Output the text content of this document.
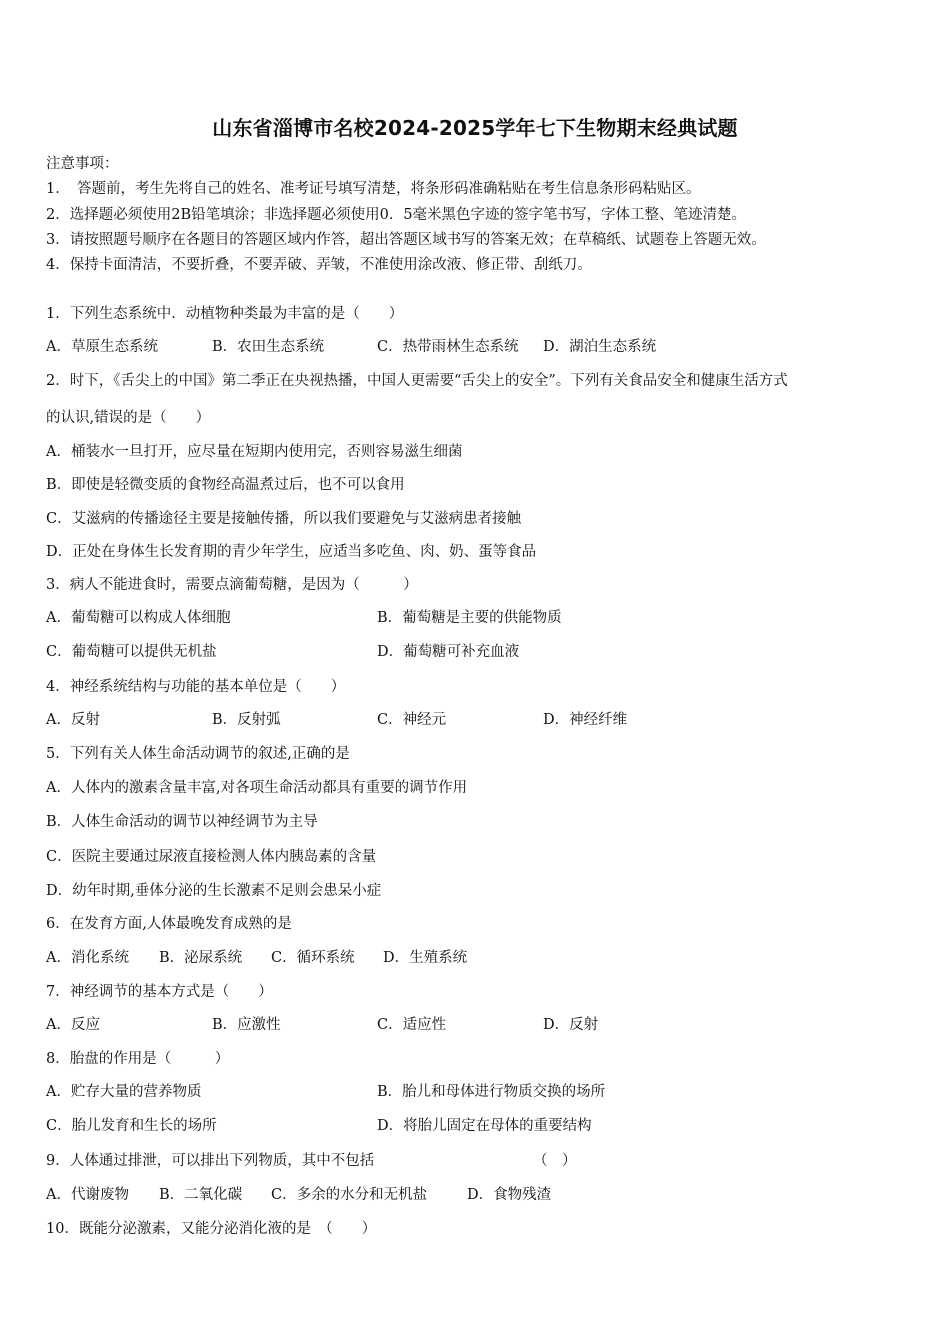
山东省淄博市名校2024-2025学年七下生物期末经典试题
注意事项：
1．　答题前，考生先将自己的姓名、准考证号填写清楚，将条形码准确粘贴在考生信息条形码粘贴区。
2．选择题必须使用2B铅笔填涂；非选择题必须使用0．5毫米黑色字迹的签字笔书写，字体工整、笔迹清楚。
3．请按照题号顺序在各题目的答题区域内作答，超出答题区域书写的答案无效；在草稿纸、试题卷上答题无效。
4．保持卡面清洁，不要折叠，不要弄破、弄皱，不准使用涂改液、修正带、刮纸刀。
1．下列生态系统中．动植物种类最为丰富的是（　　）
A．草原生态系统	B．农田生态系统	C．热带雨林生态系统 D．湖泊生态系统
2．时下，《舌尖上的中国》第二季正在央视热播，中国人更需要“舌尖上的安全”。下列有关食品安全和健康生活方式
的认识,错误的是（　　）
A．桶装水一旦打开，应尽量在短期内使用完，否则容易滋生细菌
B．即使是轻微变质的食物经高温煮过后，也不可以食用
C．艾滋病的传播途径主要是接触传播，所以我们要避免与艾滋病患者接触
D．正处在身体生长发育期的青少年学生，应适当多吃鱼、肉、奶、蛋等食品
3．病人不能进食时，需要点滴葡萄糖，是因为（　　　）
A．葡萄糖可以构成人体细胞	B．葡萄糖是主要的供能物质
C．葡萄糖可以提供无机盐	D．葡萄糖可补充血液
4．神经系统结构与功能的基本单位是（　　）
A．反射	B．反射弧	C．神经元	D．神经纤维
5．下列有关人体生命活动调节的叙述,正确的是
A．人体内的激素含量丰富,对各项生命活动都具有重要的调节作用
B．人体生命活动的调节以神经调节为主导
C．医院主要通过尿液直接检测人体内胰岛素的含量
D．幼年时期,垂体分泌的生长激素不足则会患呆小症
6．在发育方面,人体最晚发育成熟的是
A．消化系统 B．泌尿系统 C．循环系统 D．生殖系统
7．神经调节的基本方式是（　　）
A．反应	B．应激性	C．适应性	D．反射
8．胎盘的作用是（　　　）
A．贮存大量的营养物质	B．胎儿和母体进行物质交换的场所
C．胎儿发育和生长的场所	D．将胎儿固定在母体的重要结构
9．人体通过排泄，可以排出下列物质，其中不包括	（　）
A．代谢废物 B．二氧化碳 C．多余的水分和无机盐	D．食物残渣
10．既能分泌激素，又能分泌消化液的是　（　　）
